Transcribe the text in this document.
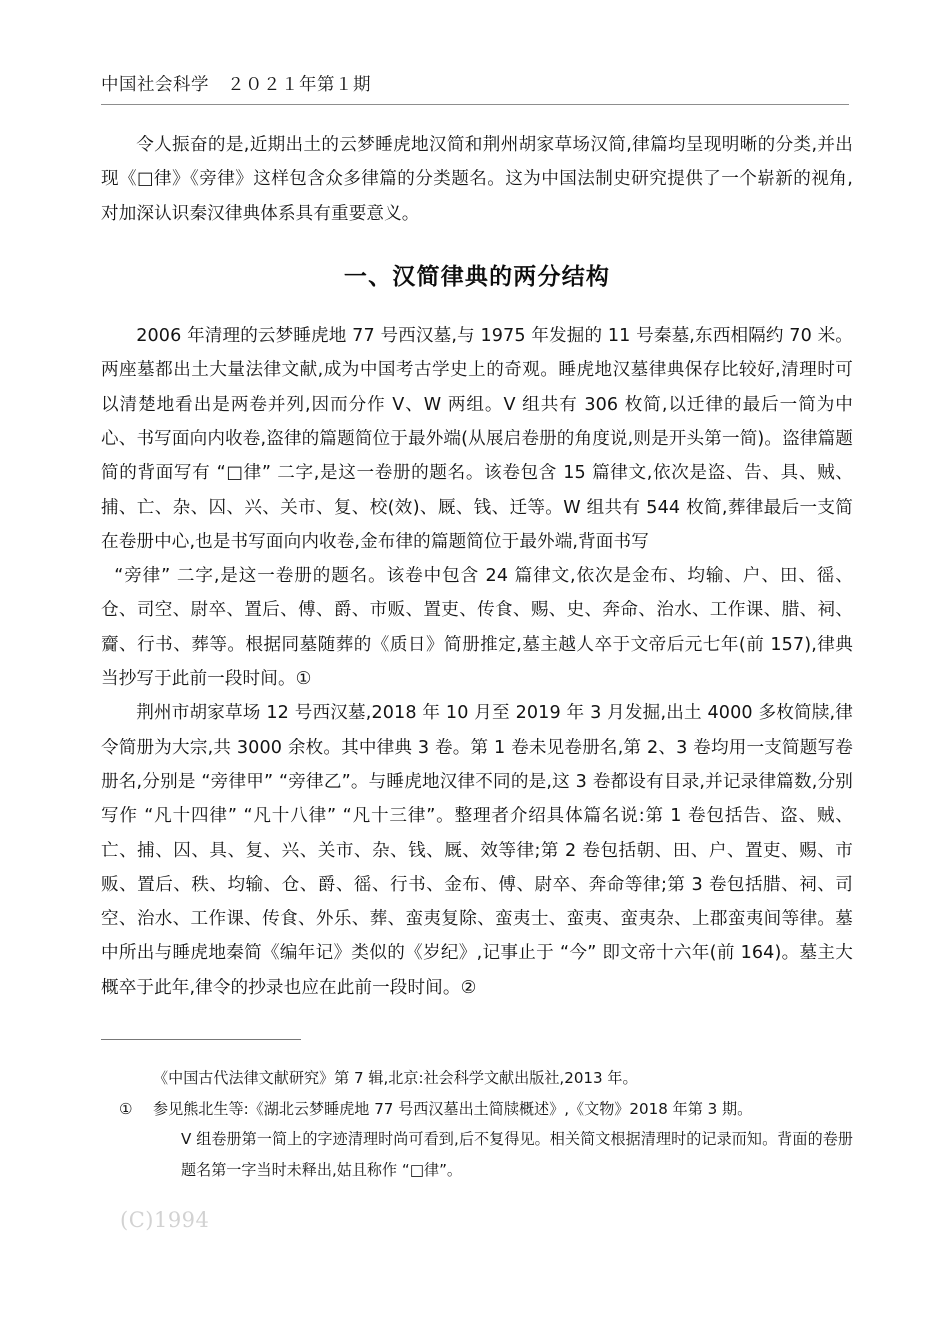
中国社会科学　２０２１年第１期

令人振奋的是,近期出土的云梦睡虎地汉简和荆州胡家草场汉简,律篇均呈现明晰的分类,并出现《□律》《旁律》这样包含众多律篇的分类题名。这为中国法制史研究提供了一个崭新的视角,对加深认识秦汉律典体系具有重要意义。

一、汉简律典的两分结构

2006 年清理的云梦睡虎地 77 号西汉墓,与 1975 年发掘的 11 号秦墓,东西相隔约 70 米。两座墓都出土大量法律文献,成为中国考古学史上的奇观。睡虎地汉墓律典保存比较好,清理时可以清楚地看出是两卷并列,因而分作 V、W 两组。V 组共有 306 枚简,以迁律的最后一简为中心、书写面向内收卷,盗律的篇题简位于最外端(从展启卷册的角度说,则是开头第一简)。盗律篇题简的背面写有 “□律” 二字,是这一卷册的题名。该卷包含 15 篇律文,依次是盗、告、具、贼、捕、亡、杂、囚、兴、关市、复、校(效)、厩、钱、迁等。W 组共有 544 枚简,葬律最后一支简在卷册中心,也是书写面向内收卷,金布律的篇题简位于最外端,背面书写

“旁律” 二字,是这一卷册的题名。该卷中包含 24 篇律文,依次是金布、均输、户、田、徭、仓、司空、尉卒、置后、傅、爵、市贩、置吏、传食、赐、史、奔命、治水、工作课、腊、祠、齎、行书、葬等。根据同墓随葬的《质日》简册推定,墓主越人卒于文帝后元七年(前 157),律典当抄写于此前一段时间。①

荆州市胡家草场 12 号西汉墓,2018 年 10 月至 2019 年 3 月发掘,出土 4000 多枚简牍,律令简册为大宗,共 3000 余枚。其中律典 3 卷。第 1 卷未见卷册名,第 2、3 卷均用一支简题写卷册名,分别是 “旁律甲” “旁律乙”。与睡虎地汉律不同的是,这 3 卷都设有目录,并记录律篇数,分别写作 “凡十四律” “凡十八律” “凡十三律”。整理者介绍具体篇名说:第 1 卷包括告、盗、贼、亡、捕、囚、具、复、兴、关市、杂、钱、厩、效等律;第 2 卷包括朝、田、户、置吏、赐、市贩、置后、秩、均输、仓、爵、徭、行书、金布、傅、尉卒、奔命等律;第 3 卷包括腊、祠、司空、治水、工作课、传食、外乐、葬、蛮夷复除、蛮夷士、蛮夷、蛮夷杂、上郡蛮夷间等律。墓中所出与睡虎地秦简《编年记》类似的《岁纪》,记事止于 “今” 即文帝十六年(前 164)。墓主大概卒于此年,律令的抄录也应在此前一段时间。②

《中国古代法律文献研究》第 7 辑,北京:社会科学文献出版社,2013 年。

①	参见熊北生等:《湖北云梦睡虎地 77 号西汉墓出土简牍概述》,《文物》2018 年第 3 期。

V 组卷册第一简上的字迹清理时尚可看到,后不复得见。相关简文根据清理时的记录而知。背面的卷册题名第一字当时未释出,姑且称作 “□律”。

(C)1994
